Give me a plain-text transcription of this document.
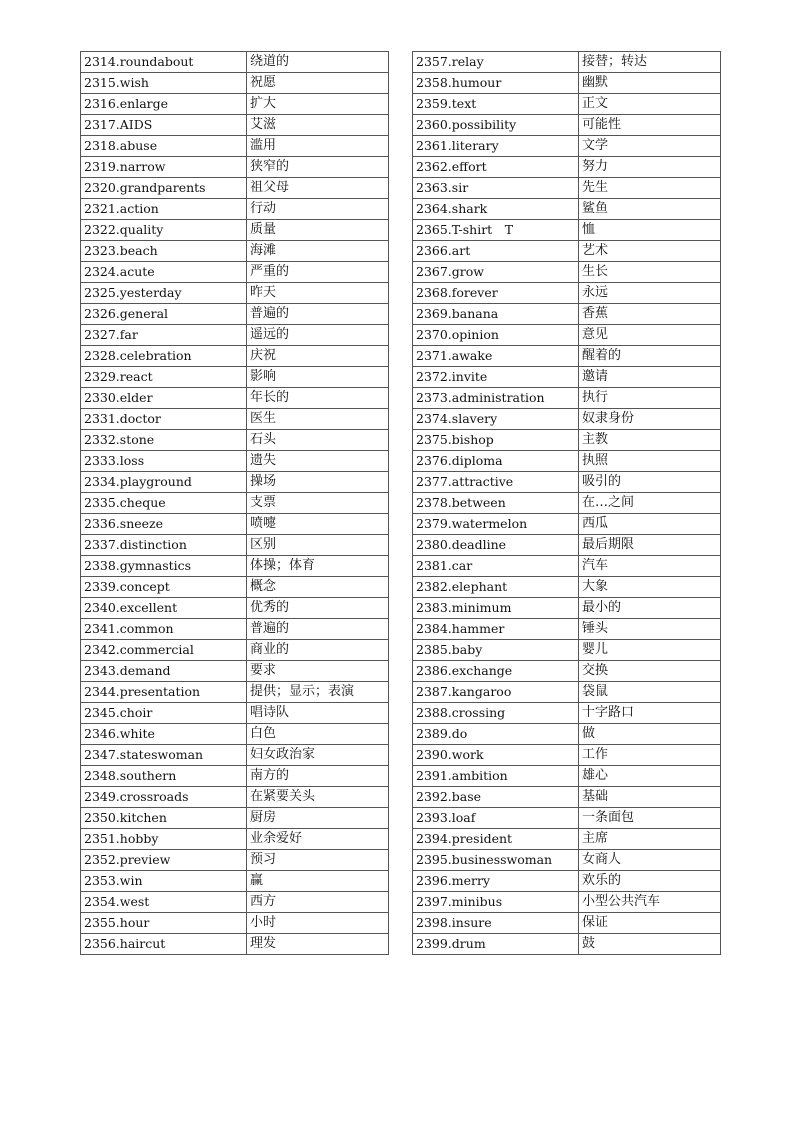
2314.roundabout	绕道的
2315.wish	祝愿
2316.enlarge	扩大
2317.AIDS	艾滋
2318.abuse	滥用
2319.narrow	狭窄的
2320.grandparents	祖父母
2321.action	行动
2322.quality	质量
2323.beach	海滩
2324.acute	严重的
2325.yesterday	昨天
2326.general	普遍的
2327.far	遥远的
2328.celebration	庆祝
2329.react	影响
2330.elder	年长的
2331.doctor	医生
2332.stone	石头
2333.loss	遗失
2334.playground	操场
2335.cheque	支票
2336.sneeze	喷嚏
2337.distinction	区别
2338.gymnastics	体操；体育
2339.concept	概念
2340.excellent	优秀的
2341.common	普遍的
2342.commercial	商业的
2343.demand	要求
2344.presentation	提供；显示；表演
2345.choir	唱诗队
2346.white	白色
2347.stateswoman	妇女政治家
2348.southern	南方的
2349.crossroads	在紧要关头
2350.kitchen	厨房
2351.hobby	业余爱好
2352.preview	预习
2353.win	赢
2354.west	西方
2355.hour	小时
2356.haircut	理发
2357.relay	接替；转达
2358.humour	幽默
2359.text	正文
2360.possibility	可能性
2361.literary	文学
2362.effort	努力
2363.sir	先生
2364.shark	鲨鱼
2365.T-shirt　T	恤
2366.art	艺术
2367.grow	生长
2368.forever	永远
2369.banana	香蕉
2370.opinion	意见
2371.awake	醒着的
2372.invite	邀请
2373.administration	执行
2374.slavery	奴隶身份
2375.bishop	主教
2376.diploma	执照
2377.attractive	吸引的
2378.between	在…之间
2379.watermelon	西瓜
2380.deadline	最后期限
2381.car	汽车
2382.elephant	大象
2383.minimum	最小的
2384.hammer	锤头
2385.baby	婴儿
2386.exchange	交换
2387.kangaroo	袋鼠
2388.crossing	十字路口
2389.do	做
2390.work	工作
2391.ambition	雄心
2392.base	基础
2393.loaf	一条面包
2394.president	主席
2395.businesswoman	女商人
2396.merry	欢乐的
2397.minibus	小型公共汽车
2398.insure	保证
2399.drum	鼓
